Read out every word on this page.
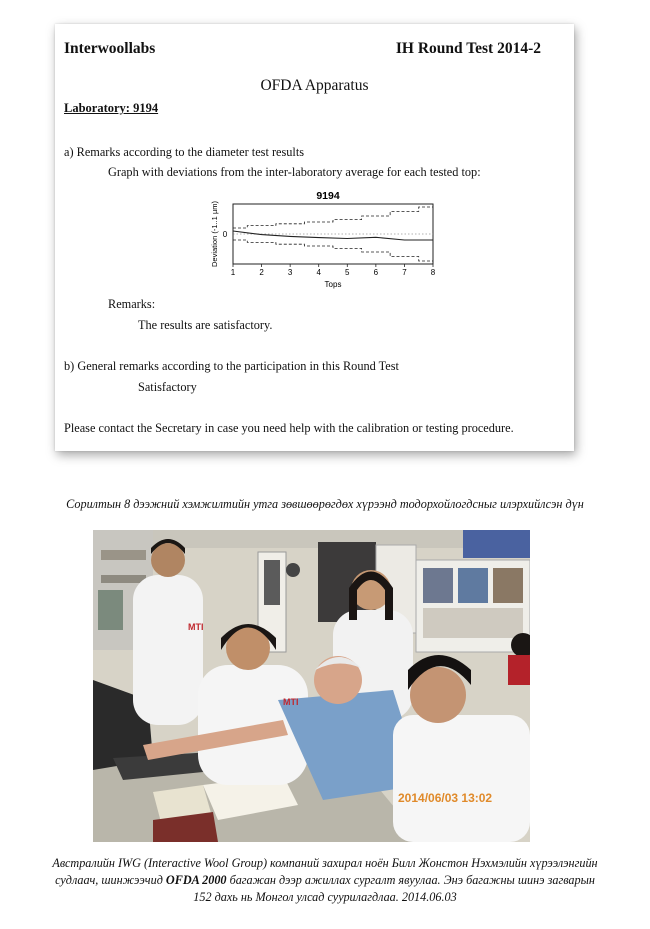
Interwoollabs	IH Round Test 2014-2
OFDA Apparatus
Laboratory: 9194
a) Remarks according to the diameter test results
Graph with deviations from the inter-laboratory average for each tested top:
9194
0
Deviation (-1..1 µm)
1	2	3	4	5	6	7	8
Tops
Remarks:
The results are satisfactory.
b) General remarks according to the participation in this Round Test
Satisfactory
Please contact the Secretary in case you need help with the calibration or testing procedure.
Сорилтын 8 дээжний хэмжилтийн утга зөвшөөрөгдөх хүрээнд тодорхойлогдсныг илэрхийлсэн дүн
MTI
MTI
2014/06/03 13:02
Австралийн IWG (Interactive Wool Group) компаний захирал ноён Билл Жонстон Нэхмэлийн хүрээлэнгийн
судлаач, шинжээчид OFDA 2000 багажан дээр ажиллах сургалт явуулаа. Энэ багажны шинэ загварын
152 дахь нь Монгол улсад суурилагдлаа. 2014.06.03
